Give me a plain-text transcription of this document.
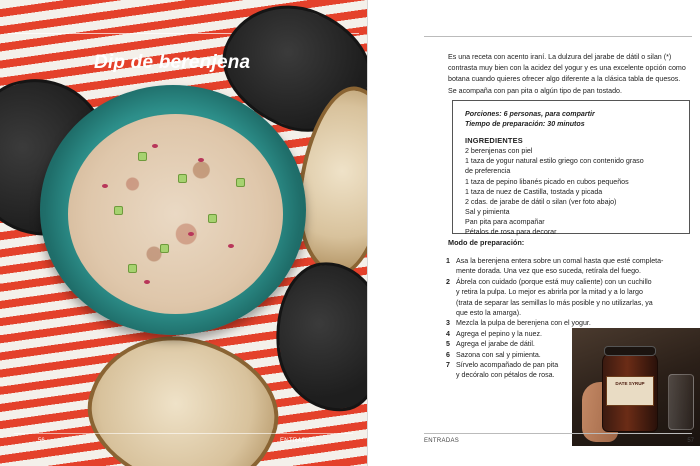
Dip de berenjena
56	ENTRADAS

Es una receta con acento iraní. La dulzura del jarabe de dátil o silan (*) contrasta muy bien con la acidez del yogur y es una excelente opción como botana cuando quieres ofrecer algo diferente a la clásica tabla de quesos. Se acompaña con pan pita o algún tipo de pan tostado.

Porciones: 6 personas, para compartir
Tiempo de preparación: 30 minutos
INGREDIENTES
2 berenjenas con piel
1 taza de yogur natural estilo griego con contenido graso
de preferencia
1 taza de pepino libanés picado en cubos pequeños
1 taza de nuez de Castilla, tostada y picada
2 cdas. de jarabe de dátil o silan (ver foto abajo)
Sal y pimienta
Pan pita para acompañar
Pétalos de rosa para decorar
Modo de preparación:
1 Asa la berenjena entera sobre un comal hasta que esté completa-
mente dorada. Una vez que eso suceda, retírala del fuego.
2 Ábrela con cuidado (porque está muy caliente) con un cuchillo
y retira la pulpa. Lo mejor es abrirla por la mitad y a lo largo
(trata de separar las semillas lo más posible y no utilizarlas, ya
que esto la amarga).
3 Mezcla la pulpa de berenjena con el yogur.
4 Agrega el pepino y la nuez.
5 Agrega el jarabe de dátil.
6 Sazona con sal y pimienta.
7 Sírvelo acompañado de pan pita
y decóralo con pétalos de rosa.
DATE SYRUP
ENTRADAS	57
